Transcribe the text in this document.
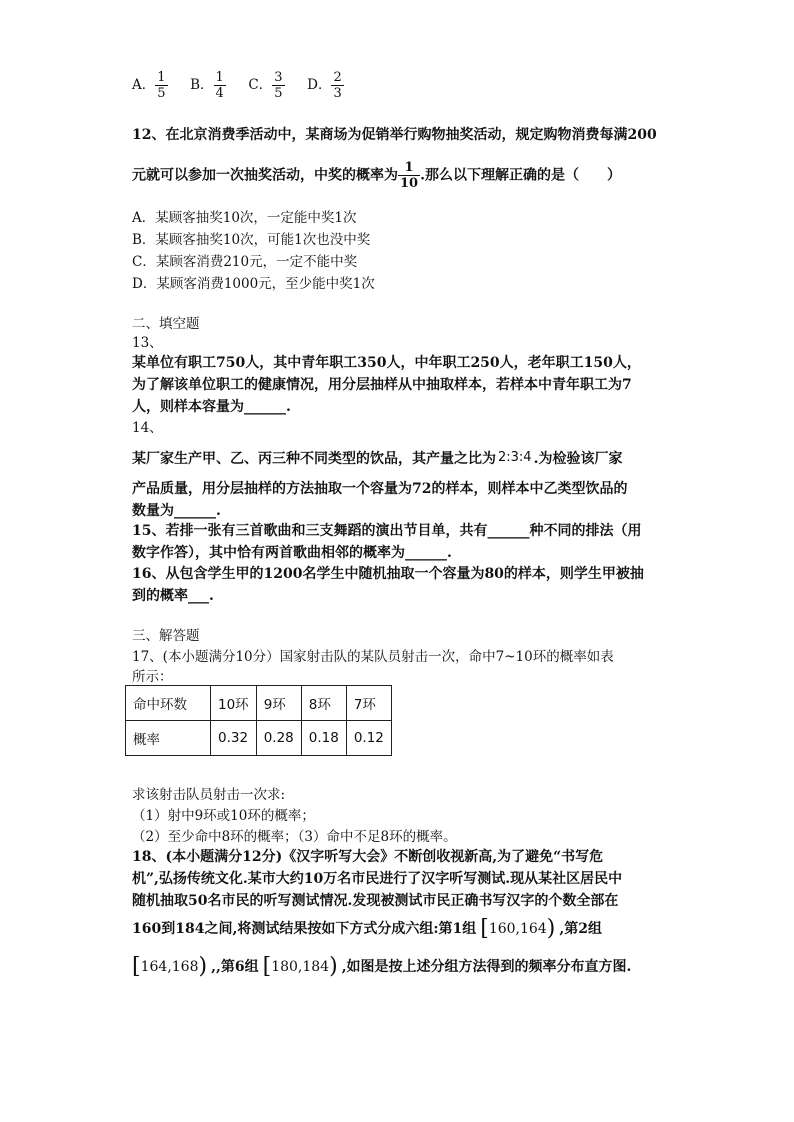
A． $\frac{1}{5}$ B． $\frac{1}{4}$ C． $\frac{3}{5}$ D． $\frac{2}{3}$
12、在北京消费季活动中，某商场为促销举行购物抽奖活动，规定购物消费每满200
元就可以参加一次抽奖活动，中奖的概率为 $\frac{1}{10}$ .那么以下理解正确的是（　　）
A．某顾客抽奖10次，一定能中奖1次
B．某顾客抽奖10次，可能1次也没中奖
C．某顾客消费210元，一定不能中奖
D．某顾客消费1000元，至少能中奖1次
二、填空题
13、
某单位有职工750人，其中青年职工350人，中年职工250人，老年职工150人，
为了解该单位职工的健康情况，用分层抽样从中抽取样本，若样本中青年职工为7
人，则样本容量为______.
14、
某厂家生产甲、乙、丙三种不同类型的饮品，其产量之比为 2:3:4 .为检验该厂家
产品质量，用分层抽样的方法抽取一个容量为72的样本，则样本中乙类型饮品的
数量为______.
15、若排一张有三首歌曲和三支舞蹈的演出节目单，共有______种不同的排法（用
数字作答），其中恰有两首歌曲相邻的概率为______.
16、从包含学生甲的1200名学生中随机抽取一个容量为80的样本，则学生甲被抽
到的概率___.
三、解答题
17、(本小题满分10分）国家射击队的某队员射击一次，命中7~10环的概率如表
所示：
命中环数	10环	9环	8环	7环
概率	0.32	0.28	0.18	0.12
求该射击队员射击一次求:
（1）射中9环或10环的概率；
（2）至少命中8环的概率；（3）命中不足8环的概率。
18、(本小题满分12分)《汉字听写大会》不断创收视新高,为了避免“书写危
机”,弘扬传统文化.某市大约10万名市民进行了汉字听写测试.现从某社区居民中
随机抽取50名市民的听写测试情况.发现被测试市民正确书写汉字的个数全部在
160到184之间,将测试结果按如下方式分成六组:第1组 [160,164) ,第2组
[164,168) ,,第6组 [180,184) ,如图是按上述分组方法得到的频率分布直方图.
